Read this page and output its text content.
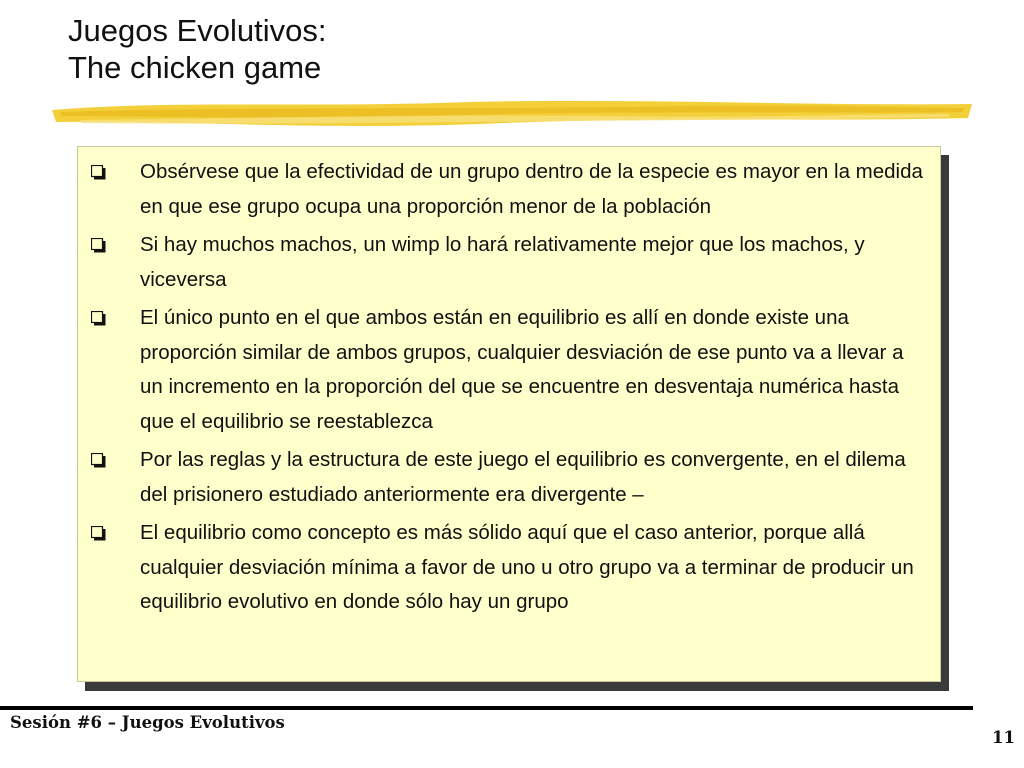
Juegos Evolutivos:
The chicken game
Obsérvese que la efectividad de un grupo dentro de la especie es mayor en la medida en que ese grupo ocupa una proporción menor de la población
Si hay muchos machos, un wimp lo hará relativamente mejor que los machos, y viceversa
El único punto en el que ambos están en equilibrio es allí en donde existe una proporción similar de ambos grupos, cualquier desviación de ese punto va a llevar a un incremento en la proporción del que se encuentre en desventaja numérica hasta que el equilibrio se reestablezca
Por las reglas y la estructura de este juego el equilibrio es convergente, en el dilema del prisionero estudiado anteriormente era divergente –
El equilibrio como concepto es más sólido aquí que el caso anterior, porque allá cualquier desviación mínima a favor de uno u otro grupo va a terminar de producir un equilibrio evolutivo en donde sólo hay un grupo
Sesión #6 – Juegos Evolutivos
11
